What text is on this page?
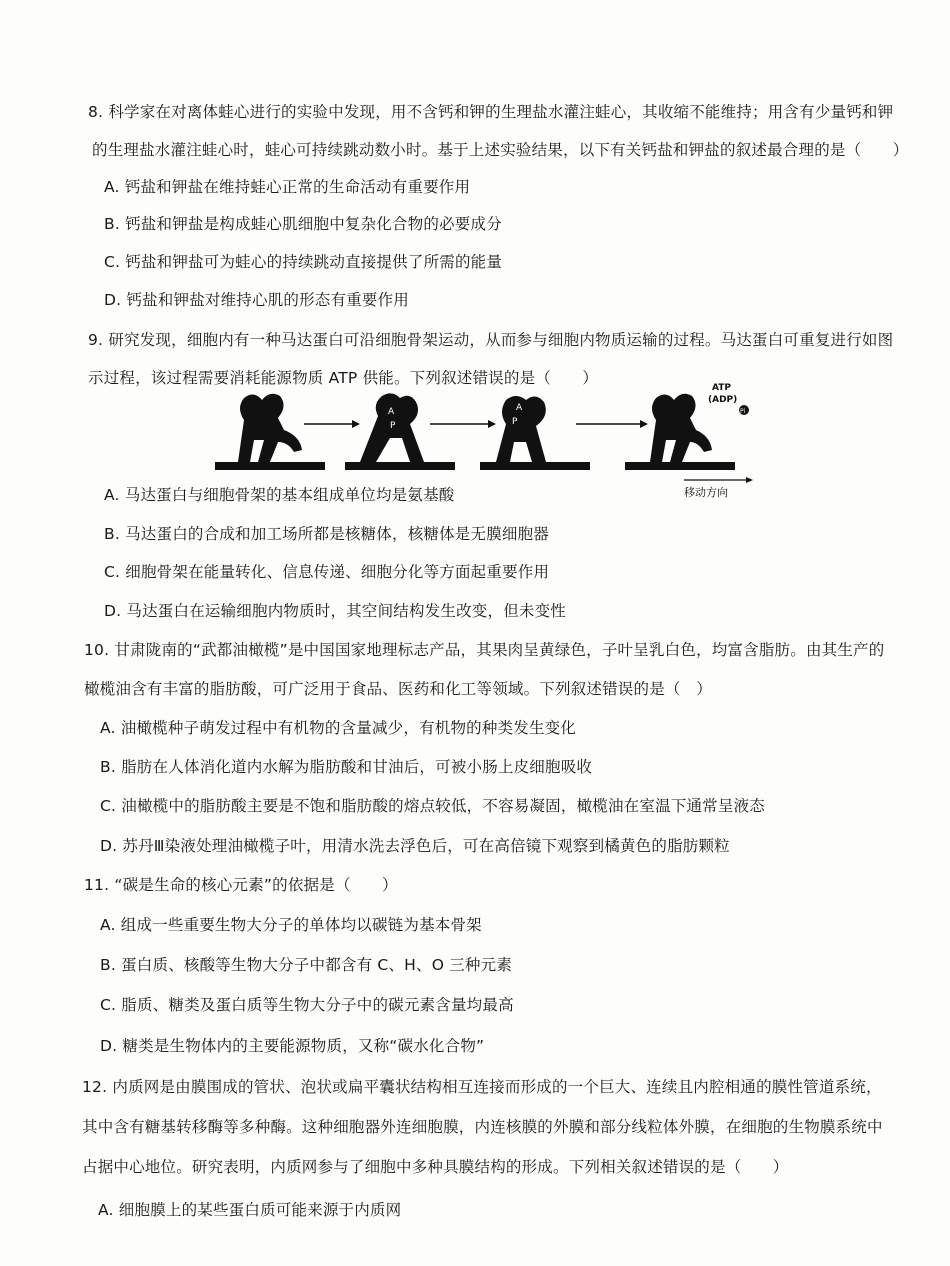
8. 科学家在对离体蛙心进行的实验中发现，用不含钙和钾的生理盐水灌注蛙心，其收缩不能维持；用含有少量钙和钾
的生理盐水灌注蛙心时，蛙心可持续跳动数小时。基于上述实验结果，以下有关钙盐和钾盐的叙述最合理的是（　　）
A. 钙盐和钾盐在维持蛙心正常的生命活动有重要作用
B. 钙盐和钾盐是构成蛙心肌细胞中复杂化合物的必要成分
C. 钙盐和钾盐可为蛙心的持续跳动直接提供了所需的能量
D. 钙盐和钾盐对维持心肌的形态有重要作用
9. 研究发现，细胞内有一种马达蛋白可沿细胞骨架运动，从而参与细胞内物质运输的过程。马达蛋白可重复进行如图
示过程，该过程需要消耗能源物质 ATP 供能。下列叙述错误的是（　　）
A
P
A
P
ATP
(ADP)
Pi
移动方向
A. 马达蛋白与细胞骨架的基本组成单位均是氨基酸
B. 马达蛋白的合成和加工场所都是核糖体，核糖体是无膜细胞器
C. 细胞骨架在能量转化、信息传递、细胞分化等方面起重要作用
D. 马达蛋白在运输细胞内物质时，其空间结构发生改变，但未变性
10. 甘肃陇南的“武都油橄榄”是中国国家地理标志产品，其果肉呈黄绿色，子叶呈乳白色，均富含脂肪。由其生产的
橄榄油含有丰富的脂肪酸，可广泛用于食品、医药和化工等领域。下列叙述错误的是（　）
A. 油橄榄种子萌发过程中有机物的含量减少，有机物的种类发生变化
B. 脂肪在人体消化道内水解为脂肪酸和甘油后，可被小肠上皮细胞吸收
C. 油橄榄中的脂肪酸主要是不饱和脂肪酸的熔点较低，不容易凝固，橄榄油在室温下通常呈液态
D. 苏丹Ⅲ染液处理油橄榄子叶，用清水洗去浮色后，可在高倍镜下观察到橘黄色的脂肪颗粒
11. “碳是生命的核心元素”的依据是（　　）
A. 组成一些重要生物大分子的单体均以碳链为基本骨架
B. 蛋白质、核酸等生物大分子中都含有 C、H、O 三种元素
C. 脂质、糖类及蛋白质等生物大分子中的碳元素含量均最高
D. 糖类是生物体内的主要能源物质，又称“碳水化合物”
12. 内质网是由膜围成的管状、泡状或扁平囊状结构相互连接而形成的一个巨大、连续且内腔相通的膜性管道系统，
其中含有糖基转移酶等多种酶。这种细胞器外连细胞膜，内连核膜的外膜和部分线粒体外膜，在细胞的生物膜系统中
占据中心地位。研究表明，内质网参与了细胞中多种具膜结构的形成。下列相关叙述错误的是（　　）
A. 细胞膜上的某些蛋白质可能来源于内质网
